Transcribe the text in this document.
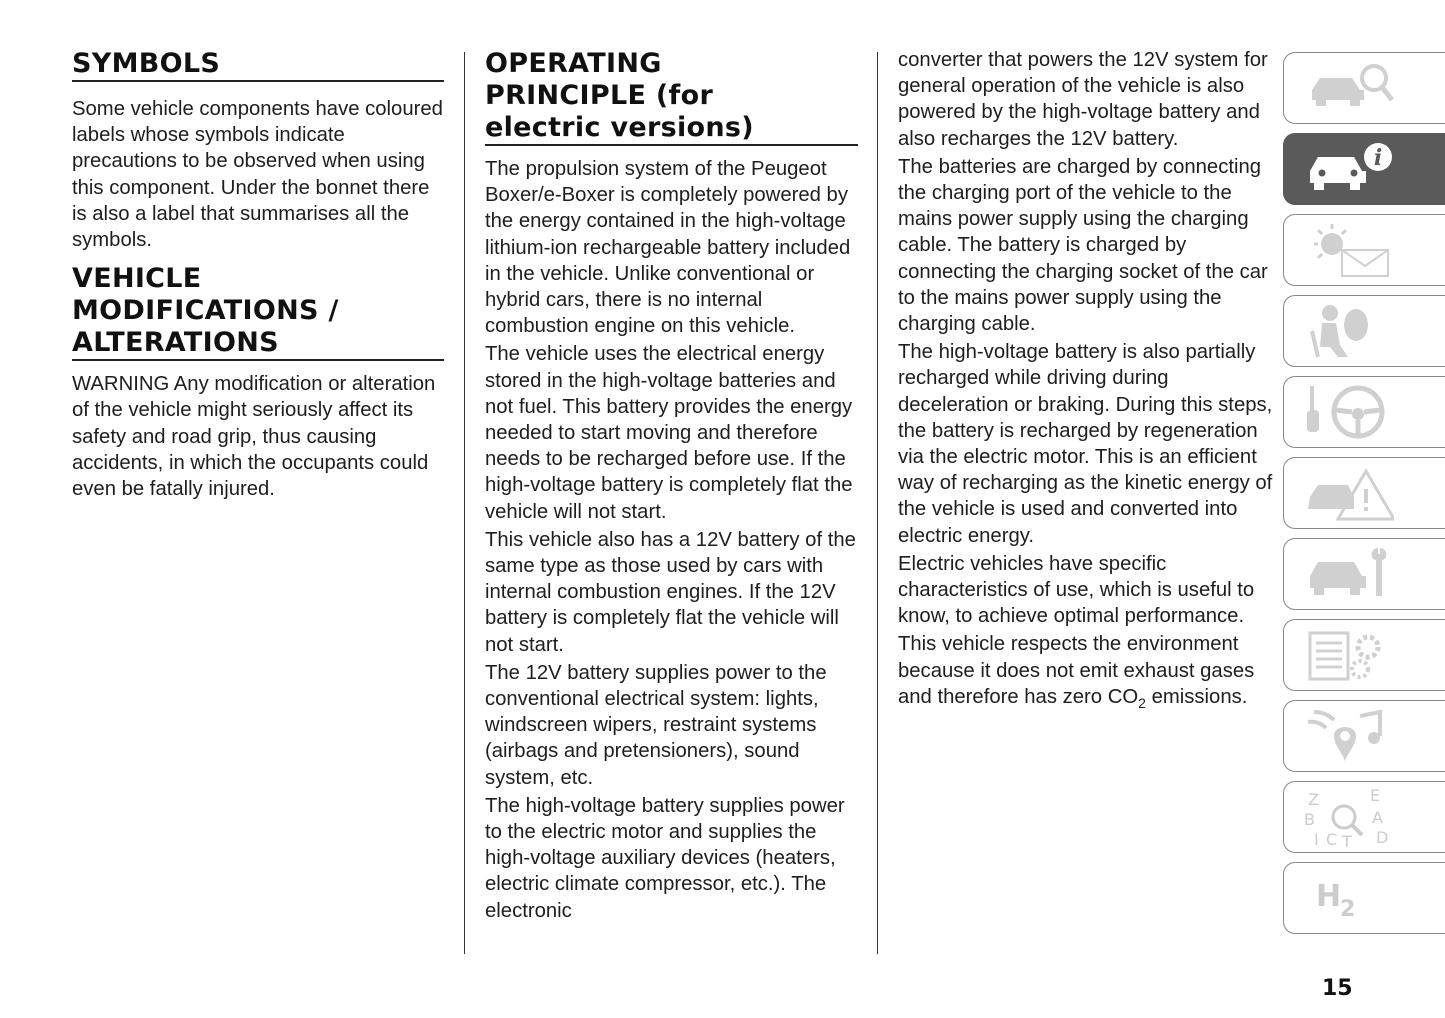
SYMBOLS

Some vehicle components have coloured labels whose symbols indicate precautions to be observed when using this component. Under the bonnet there is also a label that summarises all the symbols.

VEHICLE
MODIFICATIONS /
ALTERATIONS

WARNING Any modification or alteration of the vehicle might seriously affect its safety and road grip, thus causing accidents, in which the occupants could even be fatally injured.

OPERATING
PRINCIPLE (for
electric versions)

The propulsion system of the Peugeot Boxer/e-Boxer is completely powered by the energy contained in the high-voltage lithium-ion rechargeable battery included in the vehicle. Unlike conventional or hybrid cars, there is no internal combustion engine on this vehicle.

The vehicle uses the electrical energy stored in the high-voltage batteries and not fuel. This battery provides the energy needed to start moving and therefore needs to be recharged before use. If the high-voltage battery is completely flat the vehicle will not start.

This vehicle also has a 12V battery of the same type as those used by cars with internal combustion engines. If the 12V battery is completely flat the vehicle will not start.

The 12V battery supplies power to the conventional electrical system: lights, windscreen wipers, restraint systems (airbags and pretensioners), sound system, etc.

The high-voltage battery supplies power to the electric motor and supplies the high-voltage auxiliary devices (heaters, electric climate compressor, etc.). The electronic

converter that powers the 12V system for general operation of the vehicle is also powered by the high-voltage battery and also recharges the 12V battery.

The batteries are charged by connecting the charging port of the vehicle to the mains power supply using the charging cable. The battery is charged by connecting the charging socket of the car to the mains power supply using the charging cable.

The high-voltage battery is also partially recharged while driving during deceleration or braking. During this steps, the battery is recharged by regeneration via the electric motor. This is an efficient way of recharging as the kinetic energy of the vehicle is used and converted into electric energy.

Electric vehicles have specific characteristics of use, which is useful to know, to achieve optimal performance.

This vehicle respects the environment because it does not emit exhaust gases and therefore has zero $CO_2$ emissions.

i
Z	E
B	A
I C T D
H
2
15
